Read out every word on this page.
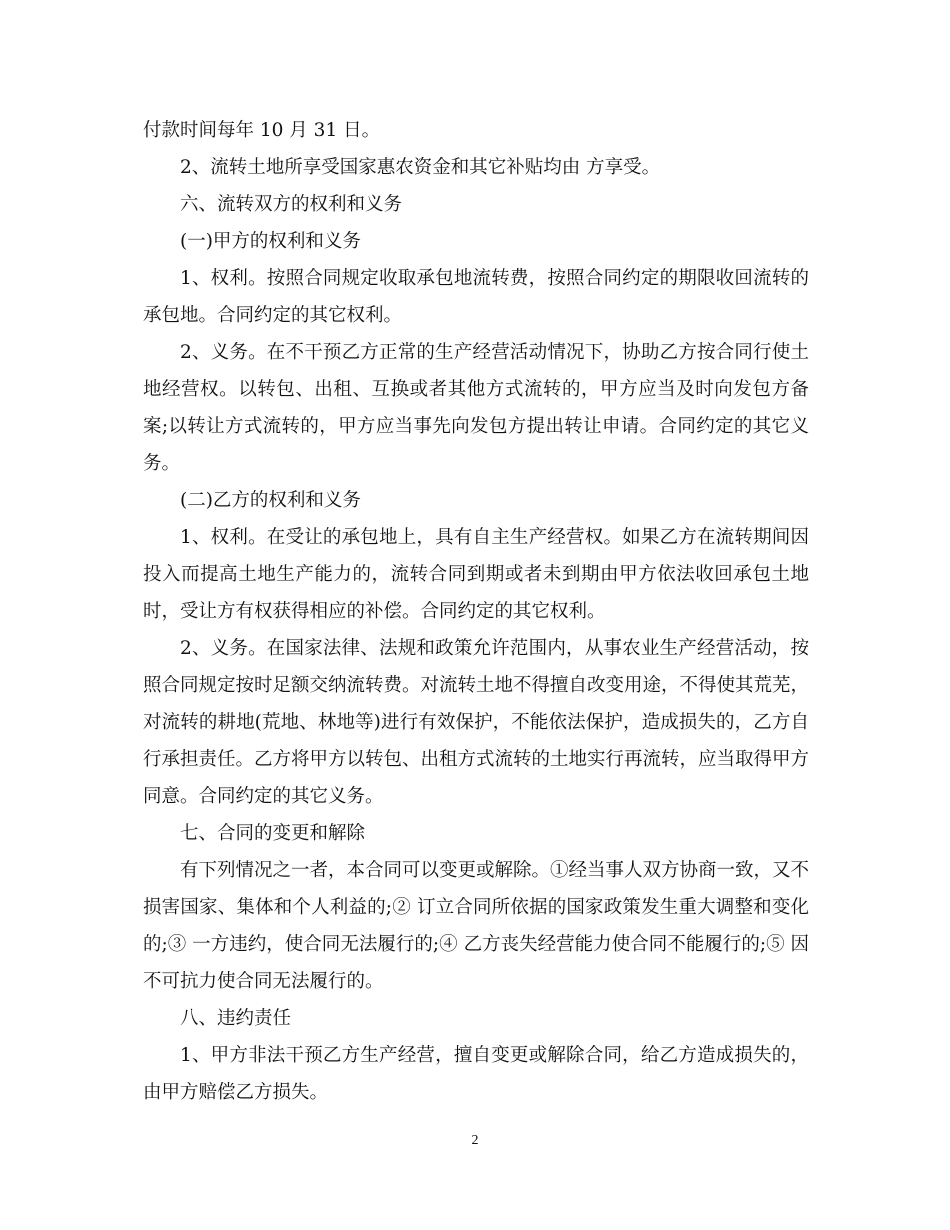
付款时间每年 10 月 31 日。

2、流转土地所享受国家惠农资金和其它补贴均由 方享受。

六、流转双方的权利和义务

(一)甲方的权利和义务

1、权利。按照合同规定收取承包地流转费，按照合同约定的期限收回流转的承包地。合同约定的其它权利。

2、义务。在不干预乙方正常的生产经营活动情况下，协助乙方按合同行使土地经营权。以转包、出租、互换或者其他方式流转的，甲方应当及时向发包方备案;以转让方式流转的，甲方应当事先向发包方提出转让申请。合同约定的其它义务。

(二)乙方的权利和义务

1、权利。在受让的承包地上，具有自主生产经营权。如果乙方在流转期间因投入而提高土地生产能力的，流转合同到期或者未到期由甲方依法收回承包土地时，受让方有权获得相应的补偿。合同约定的其它权利。

2、义务。在国家法律、法规和政策允许范围内，从事农业生产经营活动，按照合同规定按时足额交纳流转费。对流转土地不得擅自改变用途，不得使其荒芜，对流转的耕地(荒地、林地等)进行有效保护，不能依法保护，造成损失的，乙方自行承担责任。乙方将甲方以转包、出租方式流转的土地实行再流转，应当取得甲方同意。合同约定的其它义务。

七、合同的变更和解除

有下列情况之一者，本合同可以变更或解除。①经当事人双方协商一致，又不损害国家、集体和个人利益的;② 订立合同所依据的国家政策发生重大调整和变化的;③ 一方违约，使合同无法履行的;④ 乙方丧失经营能力使合同不能履行的;⑤ 因不可抗力使合同无法履行的。

八、违约责任

1、甲方非法干预乙方生产经营，擅自变更或解除合同，给乙方造成损失的，由甲方赔偿乙方损失。

2
